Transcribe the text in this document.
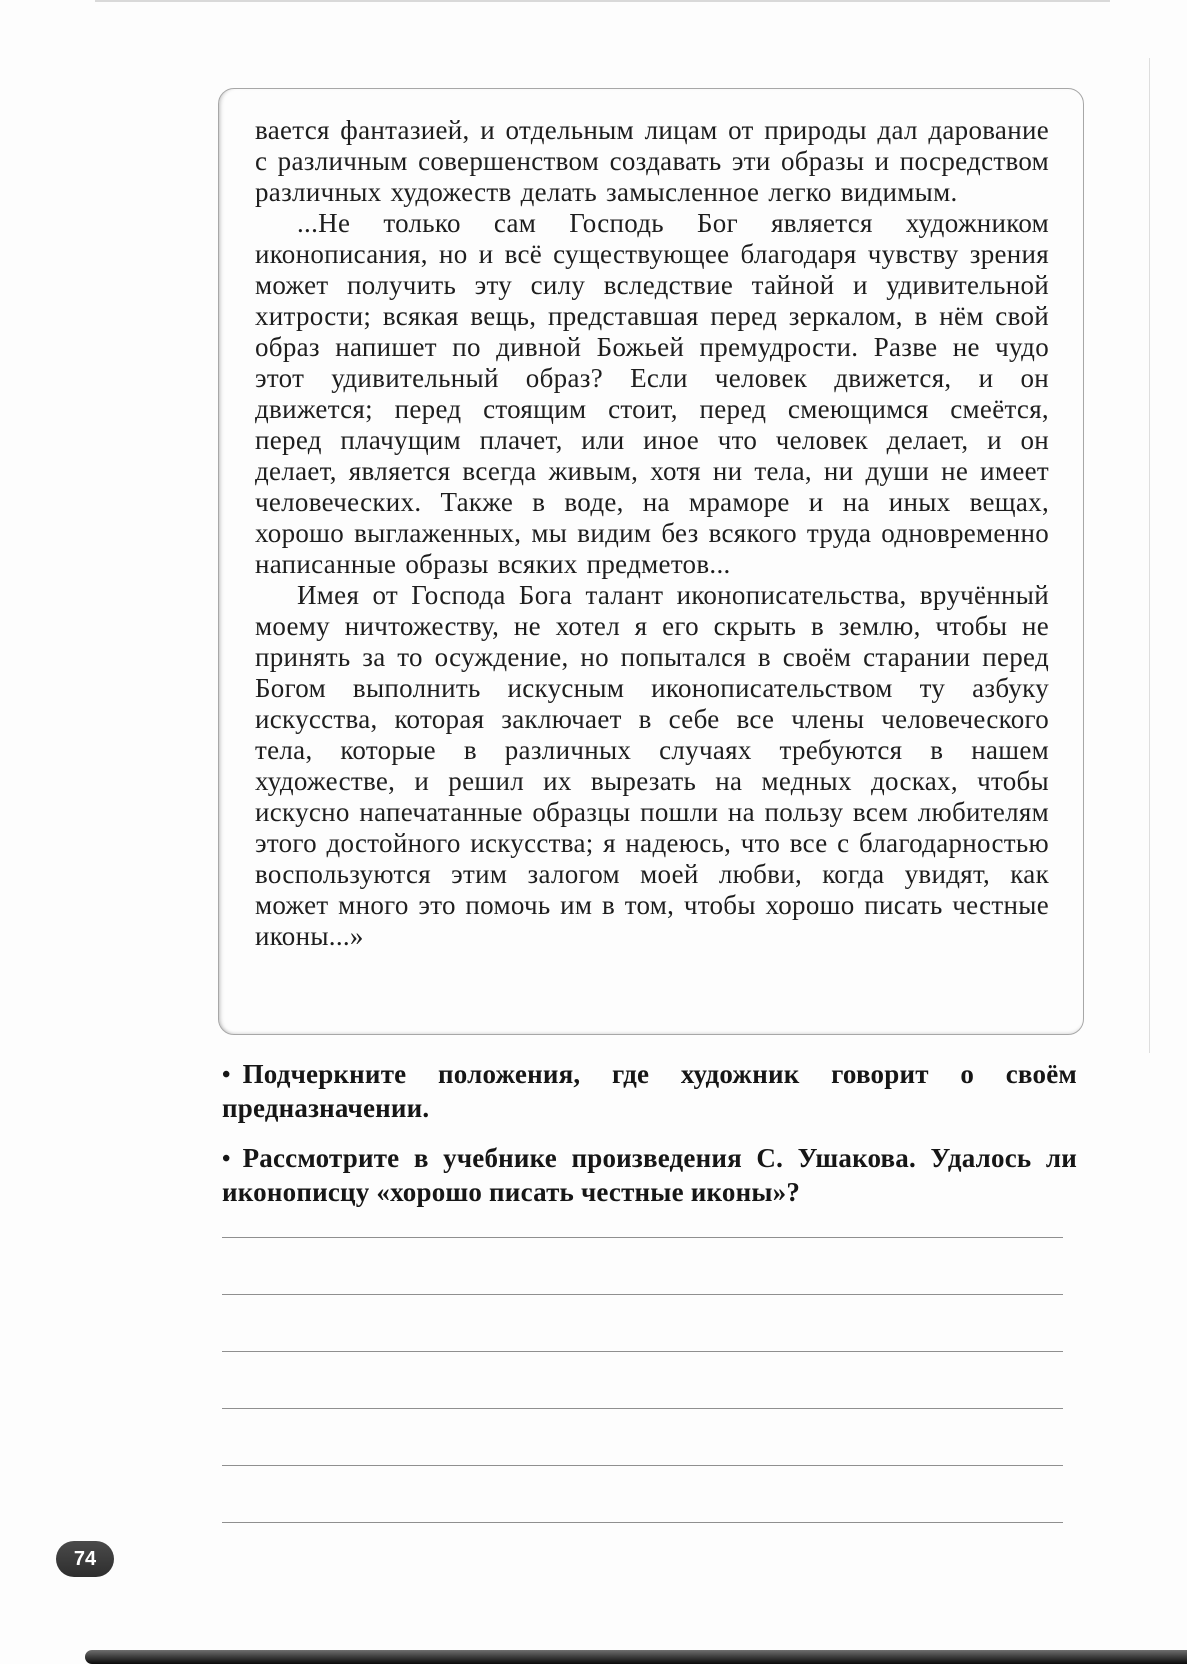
вается фантазией, и отдельным лицам от природы дал дарование с различным совершенством создавать эти образы и посредством различных художеств делать замысленное легко видимым.

...Не только сам Господь Бог является художником иконописания, но и всё существующее благодаря чувству зрения может получить эту силу вследствие тайной и удивительной хитрости; всякая вещь, представшая перед зеркалом, в нём свой образ напишет по дивной Божьей премудрости. Разве не чудо этот удивительный образ? Если человек движется, и он движется; перед стоящим стоит, перед смеющимся смеётся, перед плачущим плачет, или иное что человек делает, и он делает, является всегда живым, хотя ни тела, ни души не имеет человеческих. Также в воде, на мраморе и на иных вещах, хорошо выглаженных, мы видим без всякого труда одновременно написанные образы всяких предметов...

Имея от Господа Бога талант иконописательства, вручённый моему ничтожеству, не хотел я его скрыть в землю, чтобы не принять за то осуждение, но попытался в своём старании перед Богом выполнить искусным иконописательством ту азбуку искусства, которая заключает в себе все члены человеческого тела, которые в различных случаях требуются в нашем художестве, и решил их вырезать на медных досках, чтобы искусно напечатанные образцы пошли на пользу всем любителям этого достойного искусства; я надеюсь, что все с благодарностью воспользуются этим залогом моей любви, когда увидят, как может много это помочь им в том, чтобы хорошо писать честные иконы...»

• Подчеркните положения, где художник говорит о своём предназначении.

• Рассмотрите в учебнике произведения С. Ушакова. Удалось ли иконописцу «хорошо писать честные иконы»?

74
